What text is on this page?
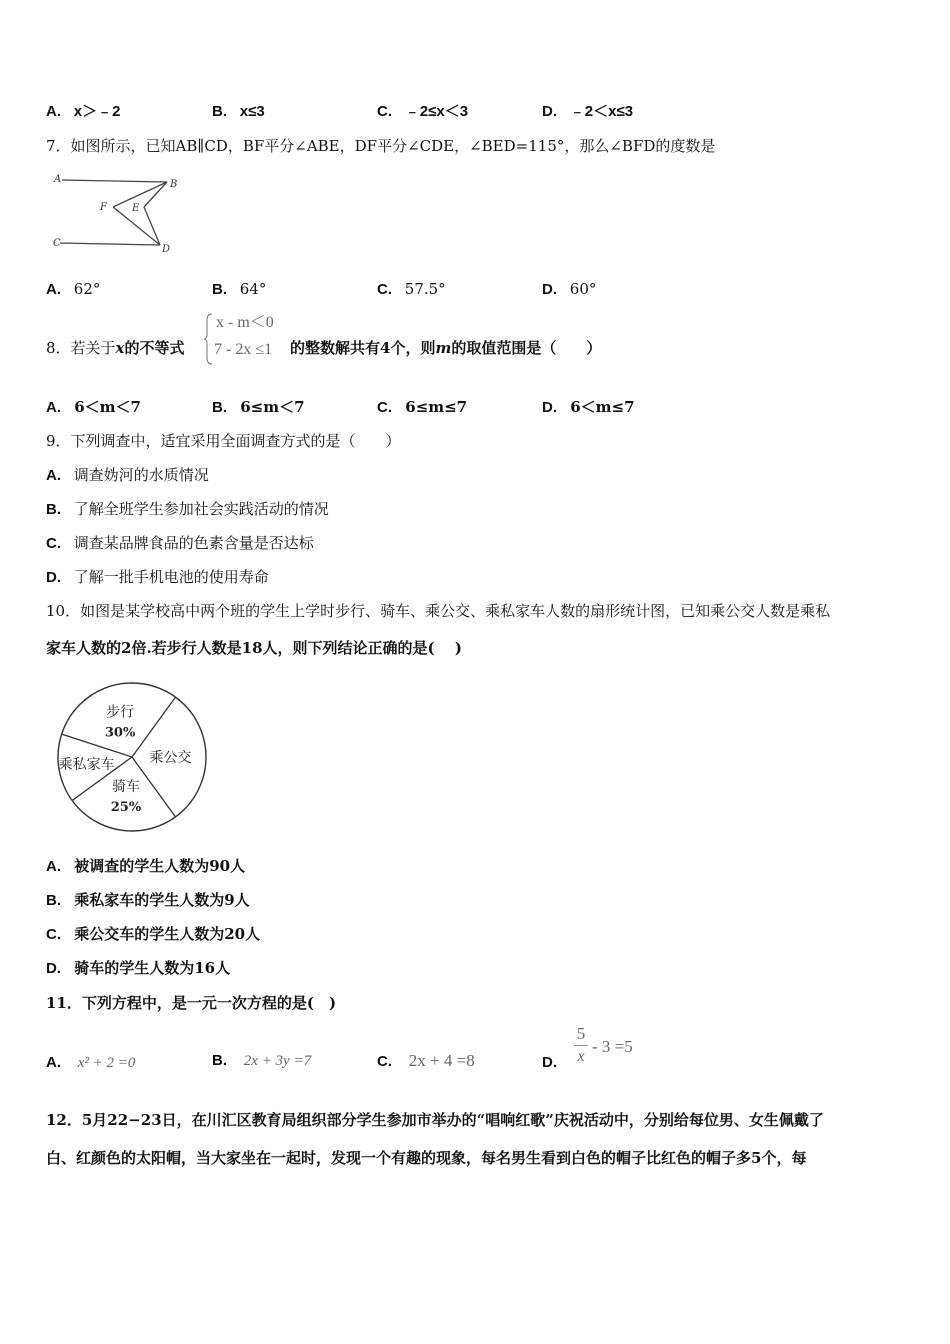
A. x＞﹣2	B. x≤3	C. ﹣2≤x＜3	D. ﹣2＜x≤3
7．如图所示，已知AB∥CD，BF平分∠ABE，DF平分∠CDE，∠BED=115°，那么∠BFD的度数是
A	B
F	E
C
D
A. 62°	B. 64°	C. 57.5°	D. 60°
8．若关于x的不等式
x - m＜0
7 - 2x ≤1 的整数解共有4个，则m的取值范围是（　　）
A. 6＜m＜7	B. 6≤m＜7	C. 6≤m≤7	D. 6＜m≤7
9．下列调查中，适宜采用全面调查方式的是（　　）
A. 调查妫河的水质情况
B. 了解全班学生参加社会实践活动的情况
C. 调查某品牌食品的色素含量是否达标
D. 了解一批手机电池的使用寿命
10．如图是某学校高中两个班的学生上学时步行、骑车、乘公交、乘私家车人数的扇形统计图，已知乘公交人数是乘私
家车人数的2倍.若步行人数是18人，则下列结论正确的是(　 )
步行
30%
乘公交
骑车
25%
乘私家车
A. 被调查的学生人数为90人
B. 乘私家车的学生人数为9人
C. 乘公交车的学生人数为20人
D. 骑车的学生人数为16人
11．下列方程中，是一元一次方程的是(　)
A. x² + 2 =0	B. 2x + 3y =7	C. 2x + 4 =8	D.
5
x
- 3 =5
12．5月22−23日，在川汇区教育局组织部分学生参加市举办的“唱响红歌”庆祝活动中，分别给每位男、女生佩戴了
白、红颜色的太阳帽，当大家坐在一起时，发现一个有趣的现象，每名男生看到白色的帽子比红色的帽子多5个，每
